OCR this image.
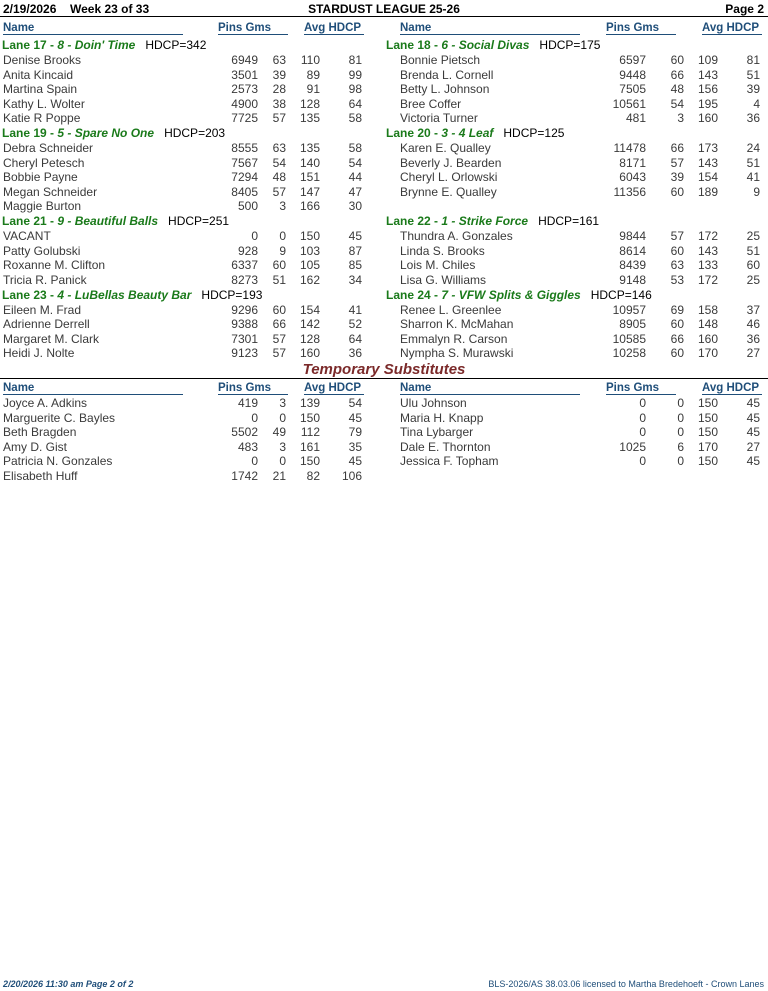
2/19/2026 Week 23 of 33	STARDUST LEAGUE 25-26	Page 2
Name	Pins Gms	Avg HDCP	Name	Pins Gms	Avg HDCP
Lane 17 - 8 - Doin' Time HDCP=342	Lane 18 - 6 - Social Divas HDCP=175
Denise Brooks	6949 63 110 81
Anita Kincaid	3501 39 89 99
Martina Spain	2573 28 91 98
Kathy L. Wolter	4900 38 128 64
Katie R Poppe	7725 57 135 58
Bonnie Pietsch	6597 60 109 81
Brenda L. Cornell	9448 66 143 51
Betty L. Johnson	7505 48 156 39
Bree Coffer	10561 54 195	4
Victoria Turner	481	3 160 36
Lane 19 - 5 - Spare No One HDCP=203	Lane 20 - 3 - 4 Leaf HDCP=125
Debra Schneider	8555 63 135 58
Cheryl Petesch	7567 54 140 54
Bobbie Payne	7294 48 151 44
Megan Schneider	8405 57 147 47
Maggie Burton	500 3 166 30
Karen E. Qualley	11478 66 173 24
Beverly J. Bearden	8171 57 143 51
Cheryl L. Orlowski	6043 39 154 41
Brynne E. Qualley	11356 60 189	9
Lane 21 - 9 - Beautiful Balls HDCP=251	Lane 22 - 1 - Strike Force HDCP=161
VACANT	0 0 150 45
Patty Golubski	928 9 103 87
Roxanne M. Clifton	6337 60 105 85
Tricia R. Panick	8273 51 162 34
Thundra A. Gonzales	9844 57 172 25
Linda S. Brooks	8614 60 143 51
Lois M. Chiles	8439 63 133 60
Lisa G. Williams	9148 53 172 25
Lane 23 - 4 - LuBellas Beauty Bar HDCP=193	Lane 24 - 7 - VFW Splits & Giggles HDCP=146
Eileen M. Frad	9296 60 154 41
Adrienne Derrell	9388 66 142 52
Margaret M. Clark	7301 57 128 64
Heidi J. Nolte	9123 57 160 36
Renee L. Greenlee	10957 69 158 37
Sharron K. McMahan	8905 60 148 46
Emmalyn R. Carson	10585 66 160 36
Nympha S. Murawski	10258 60 170 27
Name	Pins Gms	Avg HDCP	Name	Pins Gms	Avg HDCP
Joyce A. Adkins	419 3 139 54
Marguerite C. Bayles	0 0 150 45
Beth Bragden	5502 49 112 79
Amy D. Gist	483 3 161 35
Patricia N. Gonzales	0 0 150 45
Elisabeth Huff	1742 21 82 106
Ulu Johnson	0	0 150 45
Maria H. Knapp	0	0 150 45
Tina Lybarger	0	0 150 45
Dale E. Thornton	1025	6 170 27
Jessica F. Topham	0	0 150 45
Temporary Substitutes
2/20/2026 11:30 am Page 2 of 2	BLS-2026/AS 38.03.06 licensed to Martha Bredehoeft - Crown Lanes
